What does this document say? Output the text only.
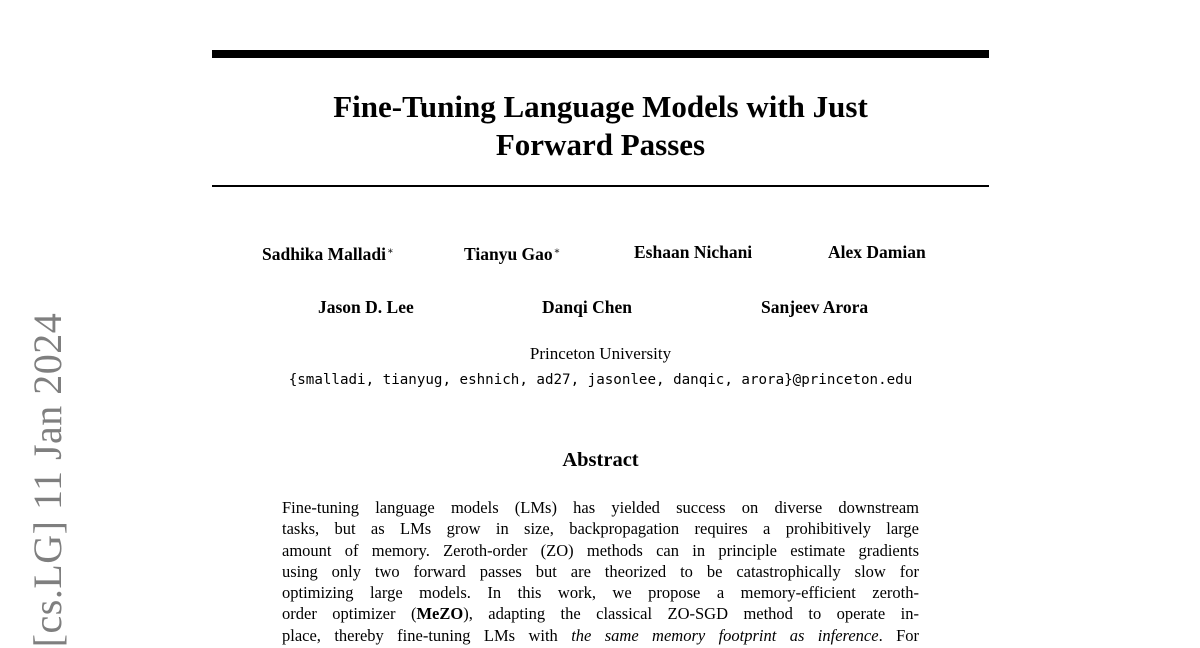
Fine-Tuning Language Models with Just
Forward Passes
Sadhika Malladi∗	Tianyu Gao∗	Eshaan Nichani	Alex Damian
Jason D. Lee	Danqi Chen	Sanjeev Arora
Princeton University
{smalladi, tianyug, eshnich, ad27, jasonlee, danqic, arora}@princeton.edu
Abstract
Fine-tuning language models (LMs) has yielded success on diverse downstream
tasks, but as LMs grow in size, backpropagation requires a prohibitively large
amount of memory. Zeroth-order (ZO) methods can in principle estimate gradients
using only two forward passes but are theorized to be catastrophically slow for
optimizing large models. In this work, we propose a memory-efficient zeroth-
order optimizer (MeZO), adapting the classical ZO-SGD method to operate in-
place, thereby fine-tuning LMs with the same memory footprint as inference. For
[cs.LG] 11 Jan 2024
